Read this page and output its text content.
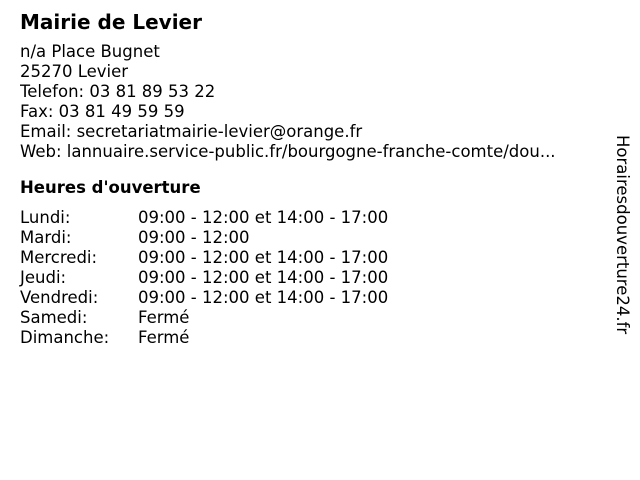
Mairie de Levier
n/a Place Bugnet
25270 Levier
Telefon: 03 81 89 53 22
Fax: 03 81 49 59 59
Email: secretariatmairie-levier@orange.fr
Web: lannuaire.service-public.fr/bourgogne-franche-comte/dou...
Heures d'ouverture
Lundi:	09:00 - 12:00 et 14:00 - 17:00
Mardi:	09:00 - 12:00
Mercredi: 09:00 - 12:00 et 14:00 - 17:00
Jeudi:	09:00 - 12:00 et 14:00 - 17:00
Vendredi: 09:00 - 12:00 et 14:00 - 17:00
Samedi:	Fermé
Dimanche: Fermé
Horairesdouverture24.fr
